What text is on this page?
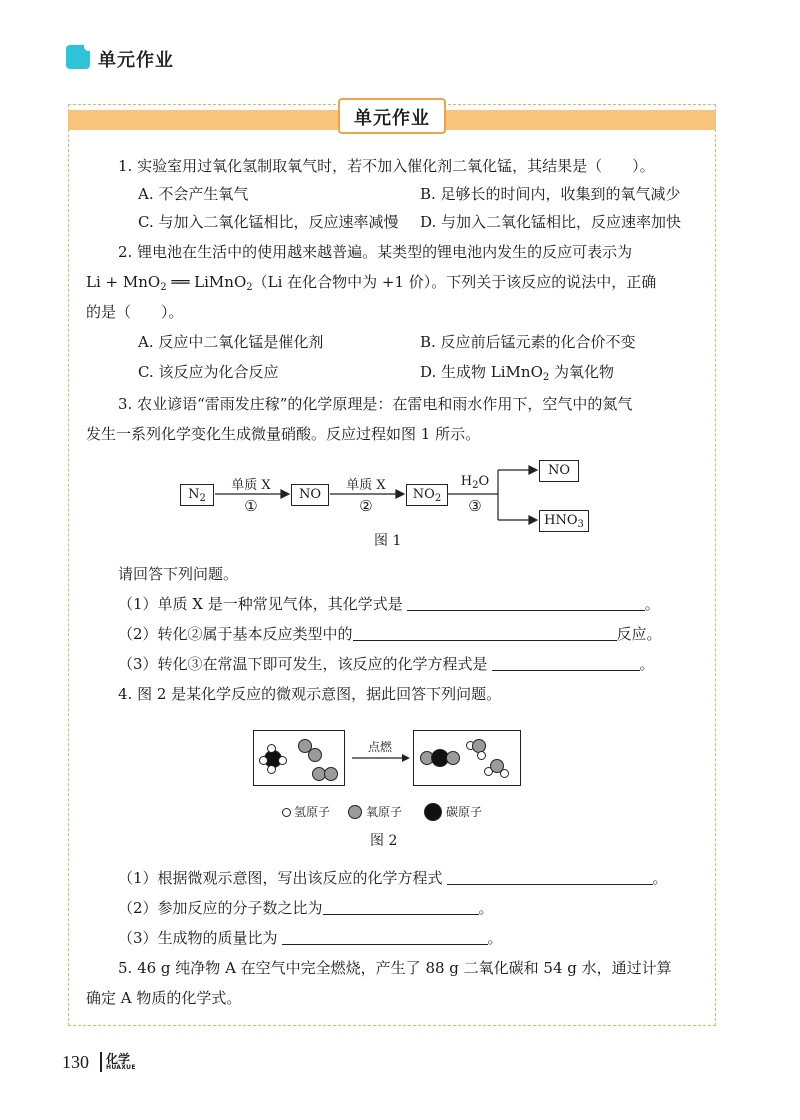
单元作业
单元作业
1. 实验室用过氧化氢制取氧气时，若不加入催化剂二氧化锰，其结果是（　　）。
A. 不会产生氧气	B. 足够长的时间内，收集到的氧气减少
C. 与加入二氧化锰相比，反应速率减慢 D. 与加入二氧化锰相比，反应速率加快
2. 锂电池在生活中的使用越来越普遍。某类型的锂电池内发生的反应可表示为
Li + MnO$_2$ ══ LiMnO$_2$（Li 在化合物中为 +1 价）。下列关于该反应的说法中，正确
的是（　　）。
A. 反应中二氧化锰是催化剂	B. 反应前后锰元素的化合价不变
C. 该反应为化合反应	D. 生成物 LiMnO$_2$ 为氧化物
3. 农业谚语“雷雨发庄稼”的化学原理是：在雷电和雨水作用下，空气中的氮气
发生一系列化学变化生成微量硝酸。反应过程如图 1 所示。
$N_2$
单质 X
①
NO
单质 X
②
$NO_2$
$H_2O$
③
NO
$HNO_3$
图 1
请回答下列问题。
（1）单质 X 是一种常见气体，其化学式是	。
（2）转化②属于基本反应类型中的	反应。
（3）转化③在常温下即可发生，该反应的化学方程式是	。
4. 图 2 是某化学反应的微观示意图，据此回答下列问题。
点燃
氢原子	氧原子	碳原子
图 2
（1）根据微观示意图，写出该反应的化学方程式	。
（2）参加反应的分子数之比为	。
（3）生成物的质量比为	。
5. 46 g 纯净物 A 在空气中完全燃烧，产生了 88 g 二氧化碳和 54 g 水，通过计算
确定 A 物质的化学式。
130 化学
HUAXUE
